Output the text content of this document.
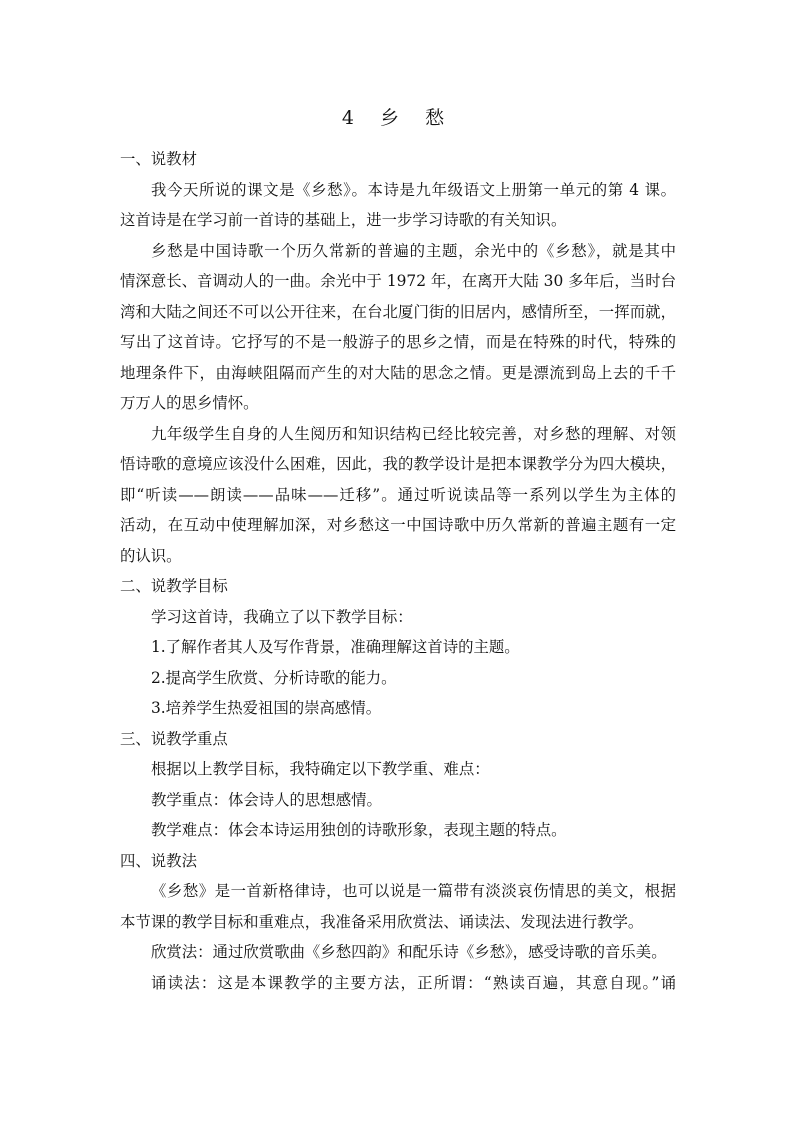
4 乡 愁
一、说教材
我今天所说的课文是《乡愁》。本诗是九年级语文上册第一单元的第 4 课。
这首诗是在学习前一首诗的基础上，进一步学习诗歌的有关知识。
乡愁是中国诗歌一个历久常新的普遍的主题，余光中的《乡愁》，就是其中
情深意长、音调动人的一曲。余光中于 1972 年，在离开大陆 30 多年后，当时台
湾和大陆之间还不可以公开往来，在台北厦门街的旧居内，感情所至，一挥而就，
写出了这首诗。它抒写的不是一般游子的思乡之情，而是在特殊的时代，特殊的
地理条件下，由海峡阻隔而产生的对大陆的思念之情。更是漂流到岛上去的千千
万万人的思乡情怀。
九年级学生自身的人生阅历和知识结构已经比较完善，对乡愁的理解、对领
悟诗歌的意境应该没什么困难，因此，我的教学设计是把本课教学分为四大模块，
即“听读——朗读——品味——迁移”。通过听说读品等一系列以学生为主体的
活动，在互动中使理解加深，对乡愁这一中国诗歌中历久常新的普遍主题有一定
的认识。
二、说教学目标
学习这首诗，我确立了以下教学目标：
1.了解作者其人及写作背景，准确理解这首诗的主题。
2.提高学生欣赏、分析诗歌的能力。
3.培养学生热爱祖国的崇高感情。
三、说教学重点
根据以上教学目标，我特确定以下教学重、难点：
教学重点：体会诗人的思想感情。
教学难点：体会本诗运用独创的诗歌形象，表现主题的特点。
四、说教法
《乡愁》是一首新格律诗，也可以说是一篇带有淡淡哀伤情思的美文，根据
本节课的教学目标和重难点，我准备采用欣赏法、诵读法、发现法进行教学。
欣赏法：通过欣赏歌曲《乡愁四韵》和配乐诗《乡愁》，感受诗歌的音乐美。
诵读法：这是本课教学的主要方法，正所谓：“熟读百遍，其意自现。”诵
